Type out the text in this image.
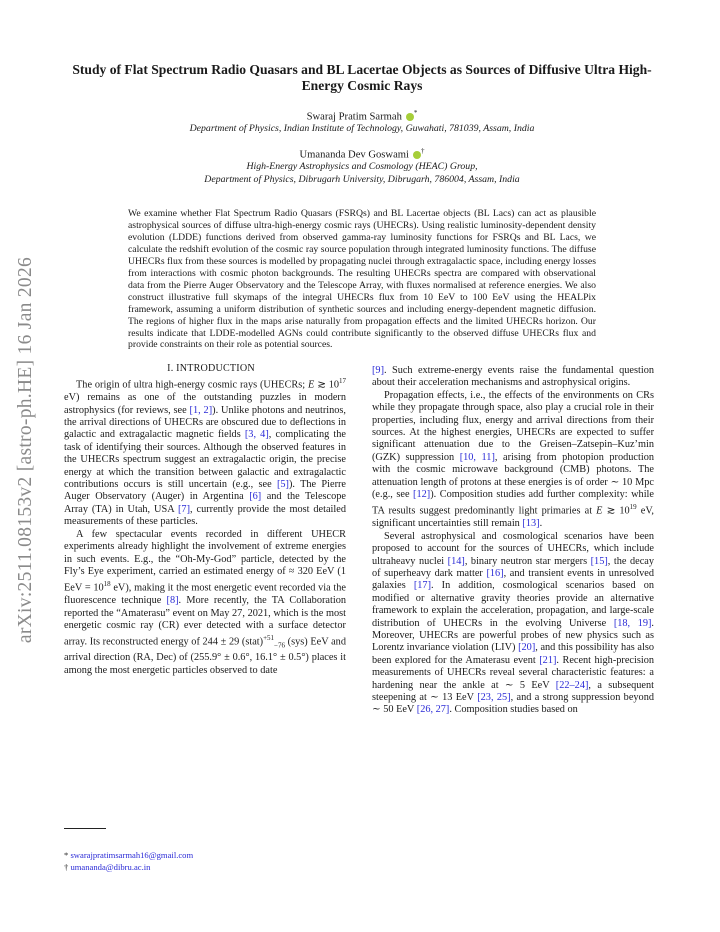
arXiv:2511.08153v2 [astro-ph.HE] 16 Jan 2026
Study of Flat Spectrum Radio Quasars and BL Lacertae Objects as Sources of Diffusive Ultra High-Energy Cosmic Rays
Swaraj Pratim Sarmah *
Department of Physics, Indian Institute of Technology, Guwahati, 781039, Assam, India
Umananda Dev Goswami †
High-Energy Astrophysics and Cosmology (HEAC) Group,
Department of Physics, Dibrugarh University, Dibrugarh, 786004, Assam, India
We examine whether Flat Spectrum Radio Quasars (FSRQs) and BL Lacertae objects (BL Lacs) can act as plausible astrophysical sources of diffuse ultra-high-energy cosmic rays (UHECRs). Using realistic luminosity-dependent density evolution (LDDE) functions derived from observed gamma-ray luminosity functions for FSRQs and BL Lacs, we calculate the redshift evolution of the cosmic ray source population through integrated luminosity functions. The diffuse UHECRs flux from these sources is modelled by propagating nuclei through extragalactic space, including energy losses from interactions with cosmic photon backgrounds. The resulting UHECRs spectra are compared with observational data from the Pierre Auger Observatory and the Telescope Array, with fluxes normalised at reference energies. We also construct illustrative full skymaps of the integral UHECRs flux from 10 EeV to 100 EeV using the HEALPix framework, assuming a uniform distribution of synthetic sources and including energy-dependent magnetic diffusion. The regions of higher flux in the maps arise naturally from propagation effects and the limited UHECRs horizon. Our results indicate that LDDE-modelled AGNs could contribute significantly to the observed diffuse UHECRs flux and provide constraints on their role as potential sources.

I. INTRODUCTION

The origin of ultra high-energy cosmic rays (UHECRs; E ≳ $10^{17}$ eV) remains as one of the outstanding puzzles in modern astrophysics (for reviews, see [1, 2]). Unlike photons and neutrinos, the arrival directions of UHECRs are obscured due to deflections in galactic and extragalactic magnetic fields [3, 4], complicating the task of identifying their sources. Although the observed features in the UHECRs spectrum suggest an extragalactic origin, the precise energy at which the transition between galactic and extragalactic contributions occurs is still uncertain (e.g., see [5]). The Pierre Auger Observatory (Auger) in Argentina [6] and the Telescope Array (TA) in Utah, USA [7], currently provide the most detailed measurements of these particles.

A few spectacular events recorded in different UHECR experiments already highlight the involvement of extreme energies in such events. E.g., the “Oh-My-God” particle, detected by the Fly’s Eye experiment, carried an estimated energy of ≈ 320 EeV (1 EeV = $10^{18}$ eV), making it the most energetic event recorded via the fluorescence technique [8]. More recently, the TA Collaboration reported the “Amaterasu” event on May 27, 2021, which is the most energetic cosmic ray (CR) ever detected with a surface detector array. Its reconstructed energy of 244 ± 29 (stat)$^{+51}_{-76}$ (sys) EeV and arrival direction (RA, Dec) of (255.9° ± 0.6°, 16.1° ± 0.5°) places it among the most energetic particles observed to date

* swarajpratimsarmah16@gmail.com
† umananda@dibru.ac.in

[9]. Such extreme-energy events raise the fundamental question about their acceleration mechanisms and astrophysical origins.

Propagation effects, i.e., the effects of the environments on CRs while they propagate through space, also play a crucial role in their properties, including flux, energy and arrival directions from their sources. At the highest energies, UHECRs are expected to suffer significant attenuation due to the Greisen–Zatsepin–Kuz’min (GZK) suppression [10, 11], arising from photopion production with the cosmic microwave background (CMB) photons. The attenuation length of protons at these energies is of order ∼ 10 Mpc (e.g., see [12]). Composition studies add further complexity: while TA results suggest predominantly light primaries at E ≳ $10^{19}$ eV, significant uncertainties still remain [13].

Several astrophysical and cosmological scenarios have been proposed to account for the sources of UHECRs, which include ultraheavy nuclei [14], binary neutron star mergers [15], the decay of superheavy dark matter [16], and transient events in unresolved galaxies [17]. In addition, cosmological scenarios based on modified or alternative gravity theories provide an alternative framework to explain the acceleration, propagation, and large-scale distribution of UHECRs in the evolving Universe [18, 19]. Moreover, UHECRs are powerful probes of new physics such as Lorentz invariance violation (LIV) [20], and this possibility has also been explored for the Amaterasu event [21]. Recent high-precision measurements of UHECRs reveal several characteristic features: a hardening near the ankle at ∼ 5 EeV [22–24], a subsequent steepening at ∼ 13 EeV [23, 25], and a strong suppression beyond ∼ 50 EeV [26, 27]. Composition studies based on
